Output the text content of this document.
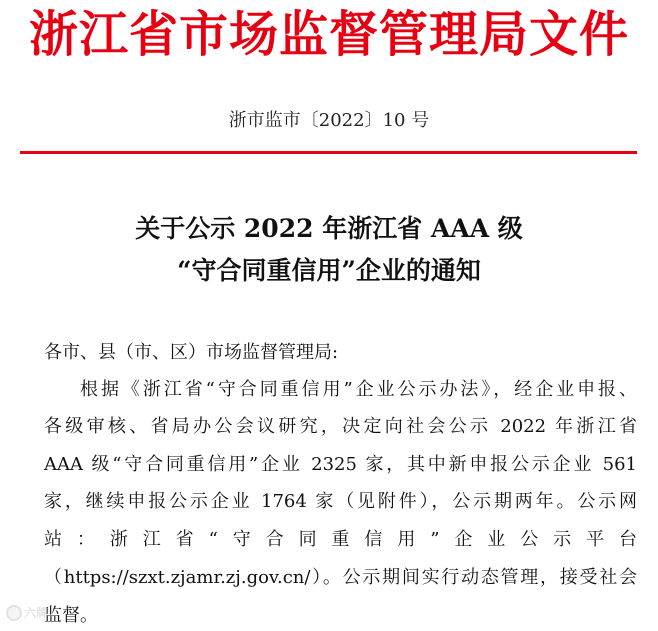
浙江省市场监督管理局文件
浙市监市〔2022〕10 号
关于公示 2022 年浙江省 AAA 级
“守合同重信用”企业的通知
各市、县（市、区）市场监督管理局:
根据《浙江省“守合同重信用”企业公示办法》，经企业申报、
各级审核、省局办公会议研究，决定向社会公示 2022 年浙江省
AAA 级“守合同重信用”企业 2325 家，其中新申报公示企业 561
家，继续申报公示企业 1764 家（见附件），公示期两年。公示网
站：浙江省“守合同重信用”企业公示平台
（https://szxt.zjamr.zj.gov.cn/）。公示期间实行动态管理，接受社会
监督。
六牌
